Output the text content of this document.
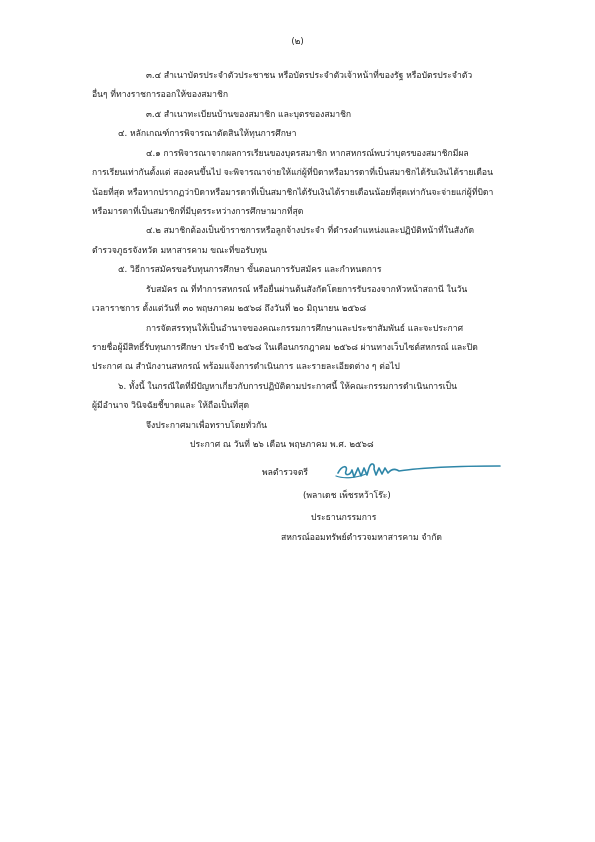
(๒)
๓.๔ สำเนาบัตรประจำตัวประชาชน หรือบัตรประจำตัวเจ้าหน้าที่ของรัฐ หรือบัตรประจำตัว
อื่นๆ ที่ทางราชการออกให้ของสมาชิก
๓.๕ สำเนาทะเบียนบ้านของสมาชิก และบุตรของสมาชิก
๔. หลักเกณฑ์การพิจารณาตัดสินให้ทุนการศึกษา
๔.๑ การพิจารณาจากผลการเรียนของบุตรสมาชิก หากสหกรณ์พบว่าบุตรของสมาชิกมีผล
การเรียนเท่ากันตั้งแต่ สองคนขึ้นไป จะพิจารณาจ่ายให้แก่ผู้ที่บิดาหรือมารดาที่เป็นสมาชิกได้รับเงินได้รายเดือน
น้อยที่สุด หรือหากปรากฏว่าบิดาหรือมารดาที่เป็นสมาชิกได้รับเงินได้รายเดือนน้อยที่สุดเท่ากันจะจ่ายแก่ผู้ที่บิดา
หรือมารดาที่เป็นสมาชิกที่มีบุตรระหว่างการศึกษามากที่สุด
๔.๒ สมาชิกต้องเป็นข้าราชการหรือลูกจ้างประจำ ที่ดำรงตำแหน่งและปฏิบัติหน้าที่ในสังกัด
ตำรวจภูธรจังหวัด มหาสารคาม ขณะที่ขอรับทุน
๕. วิธีการสมัครขอรับทุนการศึกษา ขั้นตอนการรับสมัคร และกำหนดการ
รับสมัคร ณ ที่ทำการสหกรณ์ หรือยื่นผ่านต้นสังกัดโดยการรับรองจากหัวหน้าสถานี ในวัน
เวลาราชการ ตั้งแต่วันที่ ๓๐ พฤษภาคม ๒๕๖๘ ถึงวันที่ ๒๐ มิถุนายน ๒๕๖๘
การจัดสรรทุนให้เป็นอำนาจของคณะกรรมการศึกษาและประชาสัมพันธ์ และจะประกาศ
รายชื่อผู้มีสิทธิ์รับทุนการศึกษา ประจำปี ๒๕๖๘ ในเดือนกรกฎาคม ๒๕๖๘ ผ่านทางเว็บไซต์สหกรณ์ และปิด
ประกาศ ณ สำนักงานสหกรณ์ พร้อมแจ้งการดำเนินการ และรายละเอียดต่าง ๆ ต่อไป
๖. ทั้งนี้ ในกรณีใดที่มีปัญหาเกี่ยวกับการปฏิบัติตามประกาศนี้ ให้คณะกรรมการดำเนินการเป็น
ผู้มีอำนาจ วินิจฉัยชี้ขาดและ ให้ถือเป็นที่สุด
จึงประกาศมาเพื่อทราบโดยทั่วกัน
ประกาศ ณ วันที่ ๒๖ เดือน พฤษภาคม พ.ศ. ๒๕๖๘
พลตำรวจตรี
(พลาเดช เพ็ชรหว้าโร๊ะ)
ประธานกรรมการ
สหกรณ์ออมทรัพย์ตำรวจมหาสารคาม จำกัด
